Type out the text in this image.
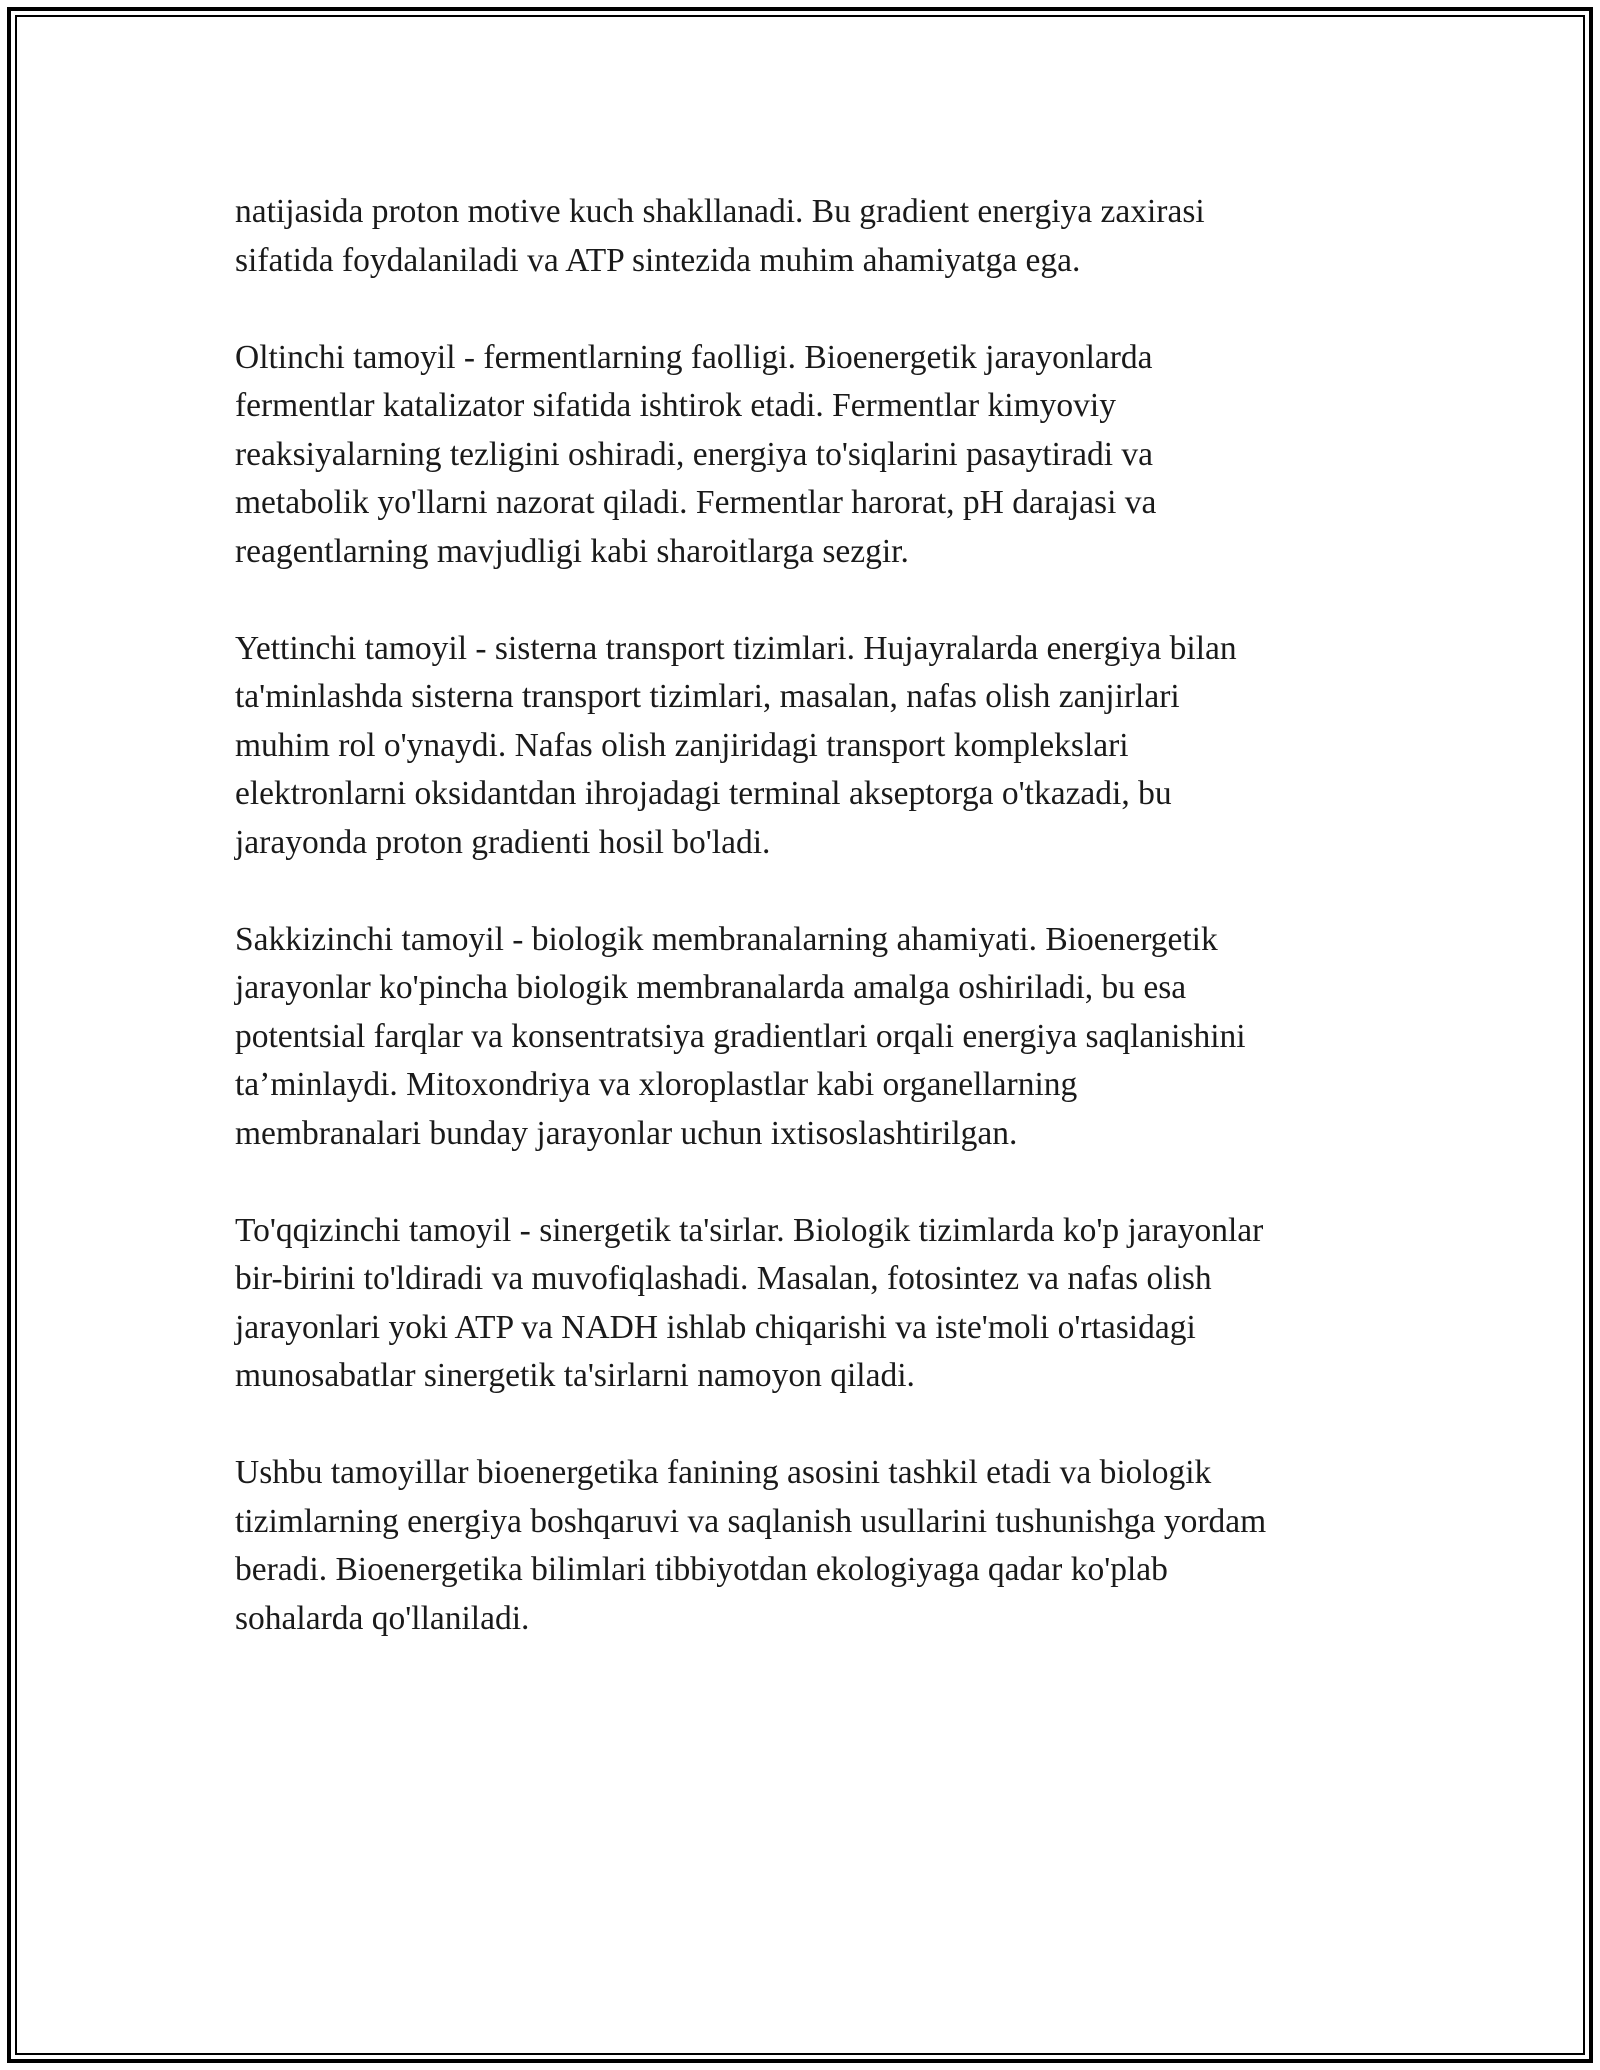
natijasida proton motive kuch shakllanadi. Bu gradient energiya zaxirasi
sifatida foydalaniladi va ATP sintezida muhim ahamiyatga ega.

Oltinchi tamoyil - fermentlarning faolligi. Bioenergetik jarayonlarda
fermentlar katalizator sifatida ishtirok etadi. Fermentlar kimyoviy
reaksiyalarning tezligini oshiradi, energiya to'siqlarini pasaytiradi va
metabolik yo'llarni nazorat qiladi. Fermentlar harorat, pH darajasi va
reagentlarning mavjudligi kabi sharoitlarga sezgir.

Yettinchi tamoyil - sisterna transport tizimlari. Hujayralarda energiya bilan
ta'minlashda sisterna transport tizimlari, masalan, nafas olish zanjirlari
muhim rol o'ynaydi. Nafas olish zanjiridagi transport komplekslari
elektronlarni oksidantdan ihrojadagi terminal akseptorga o'tkazadi, bu
jarayonda proton gradienti hosil bo'ladi.

Sakkizinchi tamoyil - biologik membranalarning ahamiyati. Bioenergetik
jarayonlar ko'pincha biologik membranalarda amalga oshiriladi, bu esa
potentsial farqlar va konsentratsiya gradientlari orqali energiya saqlanishini
ta’minlaydi. Mitoxondriya va xloroplastlar kabi organellarning
membranalari bunday jarayonlar uchun ixtisoslashtirilgan.

To'qqizinchi tamoyil - sinergetik ta'sirlar. Biologik tizimlarda ko'p jarayonlar
bir-birini to'ldiradi va muvofiqlashadi. Masalan, fotosintez va nafas olish
jarayonlari yoki ATP va NADH ishlab chiqarishi va iste'moli o'rtasidagi
munosabatlar sinergetik ta'sirlarni namoyon qiladi.

Ushbu tamoyillar bioenergetika fanining asosini tashkil etadi va biologik
tizimlarning energiya boshqaruvi va saqlanish usullarini tushunishga yordam
beradi. Bioenergetika bilimlari tibbiyotdan ekologiyaga qadar ko'plab
sohalarda qo'llaniladi.
